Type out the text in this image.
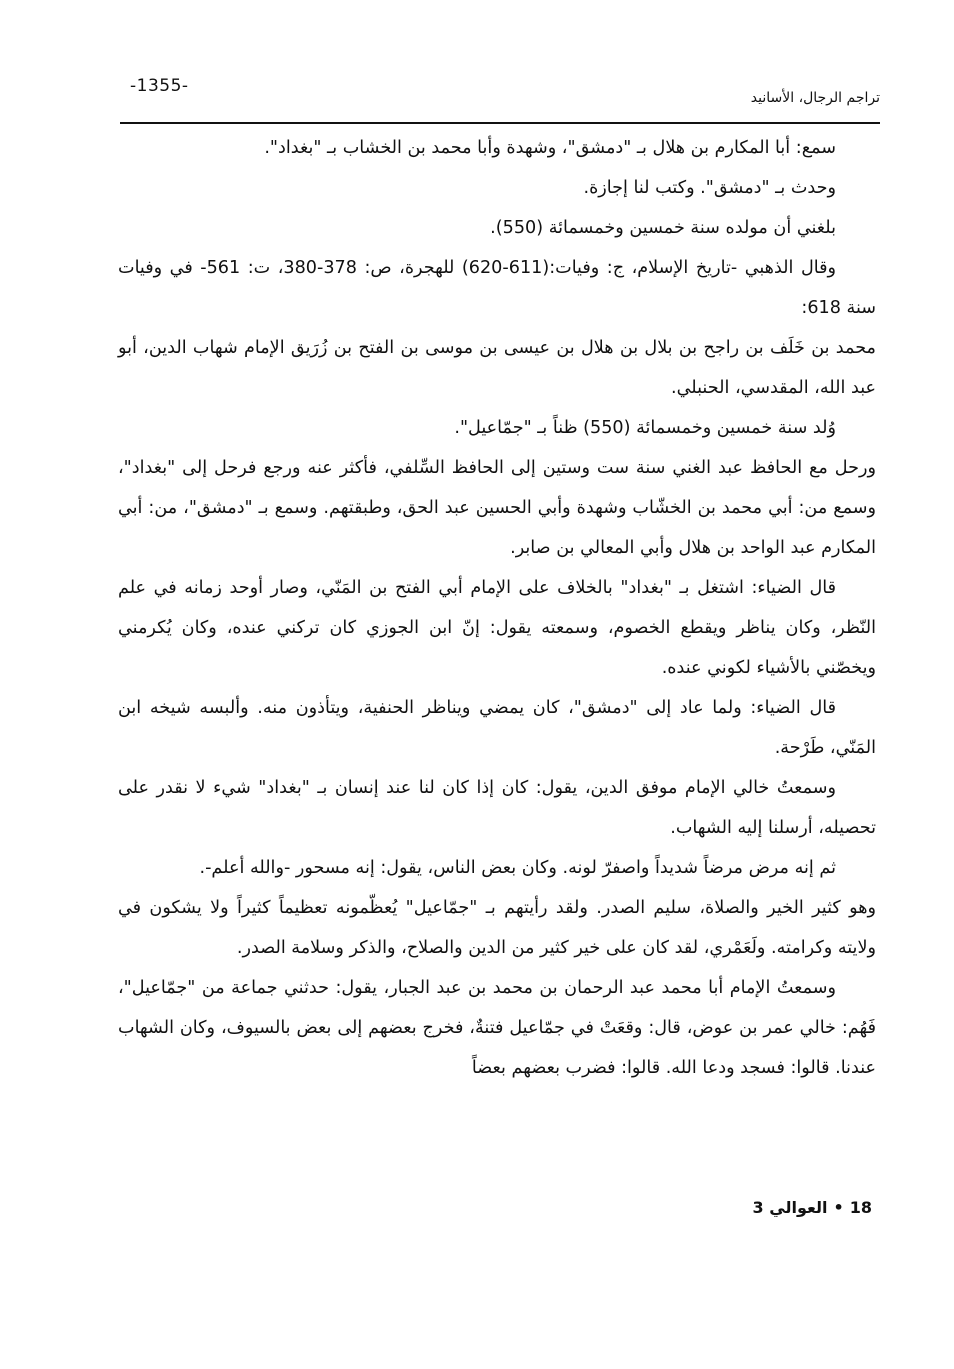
-1355-
تراجم الرجال، الأسانيد

سمع: أبا المكارم بن هلال بـ "دمشق"، وشهدة وأبا محمد بن الخشاب بـ "بغداد".

وحدث بـ "دمشق". وكتب لنا إجازة.

بلغني أن مولده سنة خمسين وخمسمائة (550).

وقال الذهبي -تاريخ الإسلام، ج: وفيات:(611-620) للهجرة، ص: 378-380، ت: 561- في وفيات سنة 618:

محمد بن خَلَف بن راجح بن بلال بن هلال بن عيسى بن موسى بن الفتح بن زُرَيق الإمام شهاب الدين، أبو عبد الله، المقدسي، الحنبلي.

وُلد سنة خمسين وخمسمائة (550) ظناً بـ "جمّاعيل".

ورحل مع الحافظ عبد الغني سنة ست وستين إلى الحافظ السِّلفي، فأكثر عنه ورجع فرحل إلى "بغداد"، وسمع من: أبي محمد بن الخشّاب وشهدة وأبي الحسين عبد الحق، وطبقتهم. وسمع بـ "دمشق"، من: أبي المكارم عبد الواحد بن هلال وأبي المعالي بن صابر.

قال الضياء: اشتغل بـ "بغداد" بالخلاف على الإمام أبي الفتح بن المَنّي، وصار أوحد زمانه في علم النّظر، وكان يناظر ويقطع الخصوم، وسمعته يقول: إنّ ابن الجوزي كان تركني عنده، وكان يُكرمني ويخصّني بالأشياء لكوني عنده.

قال الضياء: ولما عاد إلى "دمشق"، كان يمضي ويناظر الحنفية، ويتأذون منه. وألبسه شيخه ابن المَنّي، طَرْحة.

وسمعتُ خالي الإمام موفق الدين، يقول: كان إذا كان لنا عند إنسان بـ "بغداد" شيء لا نقدر على تحصيله، أرسلنا إليه الشهاب.

ثم إنه مرض مرضاً شديداً واصفرّ لونه. وكان بعض الناس، يقول: إنه مسحور -والله أعلم-.

وهو كثير الخير والصلاة، سليم الصدر. ولقد رأيتهم بـ "جمّاعيل" يُعظّمونه تعظيماً كثيراً ولا يشكون في ولايته وكرامته. ولَعَمْري، لقد كان على خير كثير من الدين والصلاح، والذكر وسلامة الصدر.

وسمعتُ الإمام أبا محمد عبد الرحمان بن محمد بن عبد الجبار، يقول: حدثني جماعة من "جمّاعيل"، فَهُم: خالي عمر بن عوض، قال: وقعَتْ في جمّاعيل فتنةٌ، فخرج بعضهم إلى بعض بالسيوف، وكان الشهاب عندنا. قالوا: فسجد ودعا الله. قالوا: فضرب بعضهم بعضاً

18•العوالي 3
